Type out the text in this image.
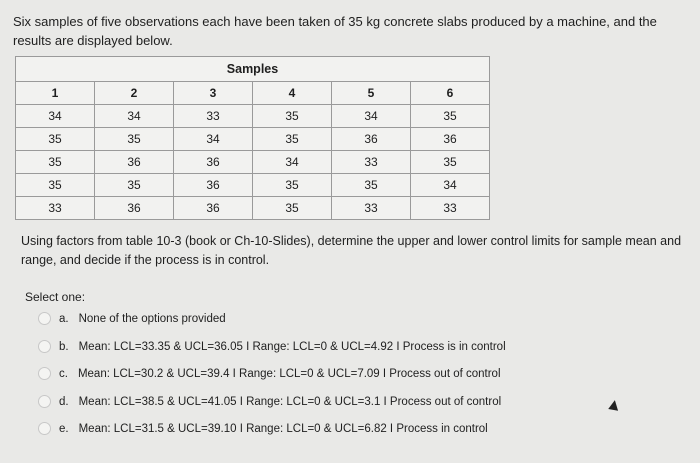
Six samples of five observations each have been taken of 35 kg concrete slabs produced by a machine, and the results are displayed below.
Samples					
1	2	3	4	5	6
34	34	33	35	34	35
35	35	34	35	36	36
35	36	36	34	33	35
35	35	36	35	35	34
33	36	36	35	33	33
Using factors from table 10-3 (book or Ch-10-Slides), determine the upper and lower control limits for sample mean and range, and decide if the process is in control.
Select one:
a. None of the options provided
b. Mean: LCL=33.35 & UCL=36.05 I Range: LCL=0 & UCL=4.92 I Process is in control
c. Mean: LCL=30.2 & UCL=39.4 I Range: LCL=0 & UCL=7.09 I Process out of control
d. Mean: LCL=38.5 & UCL=41.05 I Range: LCL=0 & UCL=3.1 I Process out of control
e. Mean: LCL=31.5 & UCL=39.10 I Range: LCL=0 & UCL=6.82 I Process in control
